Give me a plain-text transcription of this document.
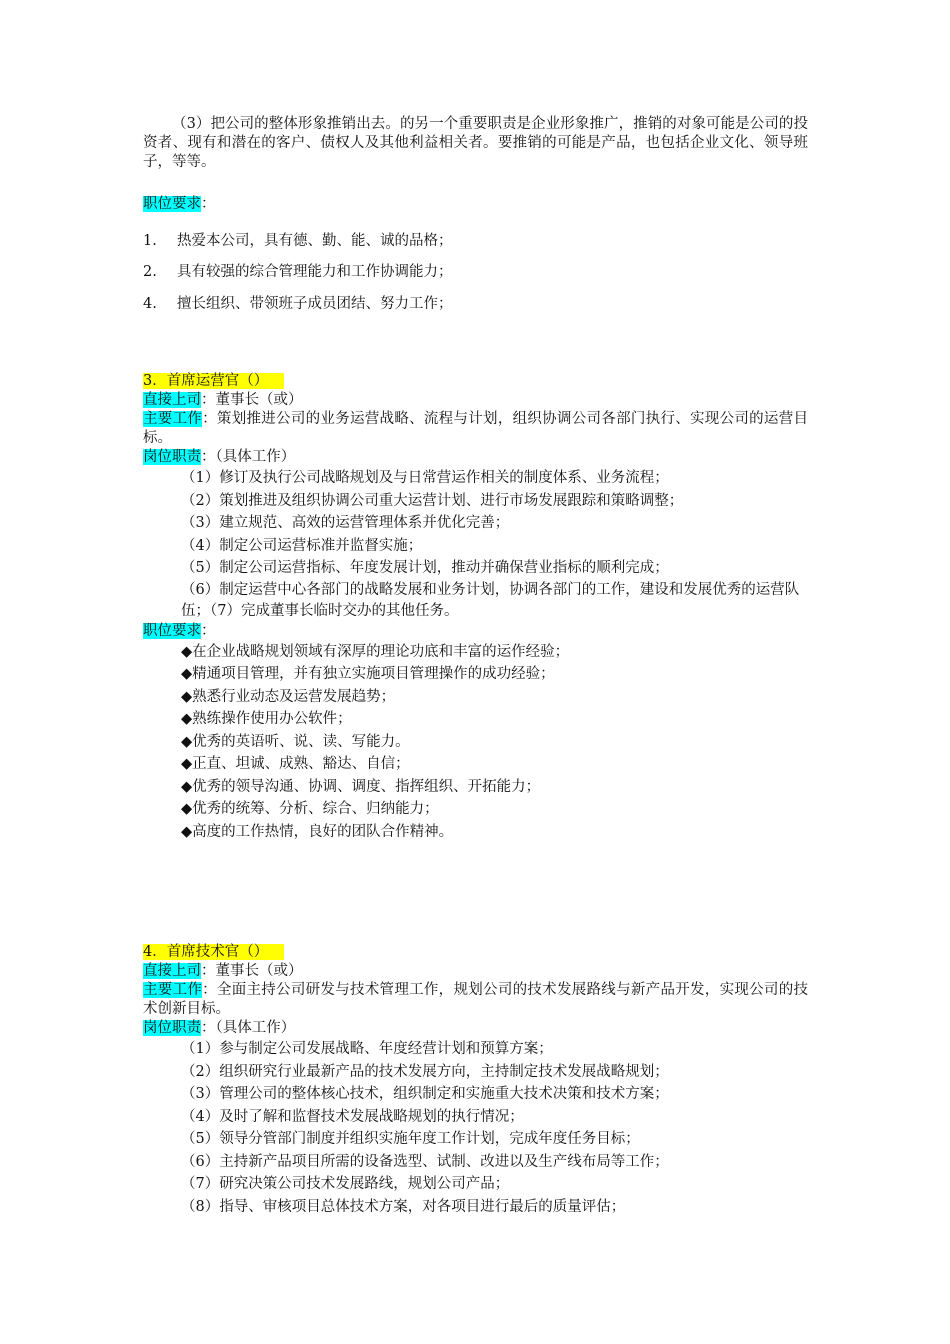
（3）把公司的整体形象推销出去。的另一个重要职责是企业形象推广，推销的对象可能是公司的投资者、现有和潜在的客户、债权人及其他利益相关者。要推销的可能是产品，也包括企业文化、领导班子，等等。
职位要求：
1. 热爱本公司，具有德、勤、能、诚的品格；
2. 具有较强的综合管理能力和工作协调能力；
4. 擅长组织、带领班子成员团结、努力工作；
3．首席运营官（）
直接上司：董事长（或）
主要工作：策划推进公司的业务运营战略、流程与计划，组织协调公司各部门执行、实现公司的运营目标。
岗位职责：（具体工作）
（1）修订及执行公司战略规划及与日常营运作相关的制度体系、业务流程；
（2）策划推进及组织协调公司重大运营计划、进行市场发展跟踪和策略调整；
（3）建立规范、高效的运营管理体系并优化完善；
（4）制定公司运营标准并监督实施；
（5）制定公司运营指标、年度发展计划，推动并确保营业指标的顺利完成；
（6）制定运营中心各部门的战略发展和业务计划，协调各部门的工作，建设和发展优秀的运营队伍；（7）完成董事长临时交办的其他任务。
职位要求：
◆在企业战略规划领域有深厚的理论功底和丰富的运作经验；
◆精通项目管理，并有独立实施项目管理操作的成功经验；
◆熟悉行业动态及运营发展趋势；
◆熟练操作使用办公软件；
◆优秀的英语听、说、读、写能力。
◆正直、坦诚、成熟、豁达、自信；
◆优秀的领导沟通、协调、调度、指挥组织、开拓能力；
◆优秀的统筹、分析、综合、归纳能力；
◆高度的工作热情，良好的团队合作精神。
4．首席技术官（）
直接上司：董事长（或）
主要工作：全面主持公司研发与技术管理工作，规划公司的技术发展路线与新产品开发，实现公司的技术创新目标。
岗位职责：（具体工作）
（1）参与制定公司发展战略、年度经营计划和预算方案；
（2）组织研究行业最新产品的技术发展方向，主持制定技术发展战略规划；
（3）管理公司的整体核心技术，组织制定和实施重大技术决策和技术方案；
（4）及时了解和监督技术发展战略规划的执行情况；
（5）领导分管部门制度并组织实施年度工作计划，完成年度任务目标；
（6）主持新产品项目所需的设备选型、试制、改进以及生产线布局等工作；
（7）研究决策公司技术发展路线，规划公司产品；
（8）指导、审核项目总体技术方案，对各项目进行最后的质量评估；
